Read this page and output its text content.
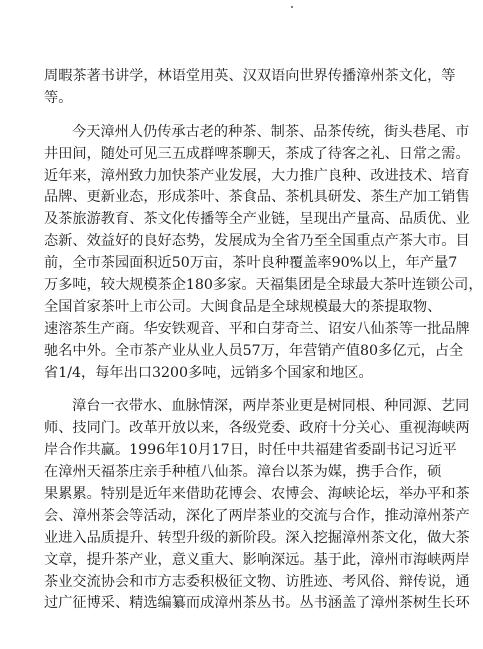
周暇茶著书讲学，林语堂用英、汉双语向世界传播漳州茶文化，等
等。
今天漳州人仍传承古老的种茶、制茶、品茶传统，街头巷尾、市
井田间，随处可见三五成群啤茶聊天，茶成了待客之礼、日常之需。
近年来，漳州致力加快茶产业发展，大力推广良种、改进技术、培育
品牌、更新业态，形成茶叶、茶食品、茶机具研发、茶生产加工销售
及茶旅游教育、茶文化传播等全产业链，呈现出产量高、品质优、业
态新、效益好的良好态势，发展成为全省乃至全国重点产茶大市。目
前，全市茶园面积近50万亩，茶叶良种覆盖率90%以上，年产量7
万多吨，较大规模茶企180多家。天福集团是全球最大茶叶连锁公司，
全国首家茶叶上市公司。大闽食品是全球规模最大的茶提取物、
速溶茶生产商。华安铁观音、平和白芽奇兰、诏安八仙茶等一批品牌
驰名中外。全市茶产业从业人员57万，年营销产值80多亿元，占全
省1/4，每年出口3200多吨，远销多个国家和地区。
漳台一衣带水、血脉情深，两岸茶业更是树同根、种同源、艺同
师、技同门。改革开放以来，各级党委、政府十分关心、重视海峡两
岸合作共赢。1996年10月17日，时任中共福建省委副书记习近平
在漳州天福茶庄亲手种植八仙茶。漳台以茶为媒，携手合作，硕
果累累。特别是近年来借助花博会、农博会、海峡论坛，举办平和茶
会、漳州茶会等活动，深化了两岸茶业的交流与合作，推动漳州茶产
业进入品质提升、转型升级的新阶段。深入挖掘漳州茶文化，做大茶
文章，提升茶产业，意义重大、影响深远。基于此，漳州市海峡两岸
茶业交流协会和市方志委积极征文物、访胜迹、考风俗、辩传说，通
过广征博采、精选编纂而成漳州茶丛书。丛书涵盖了漳州茶树生长环
